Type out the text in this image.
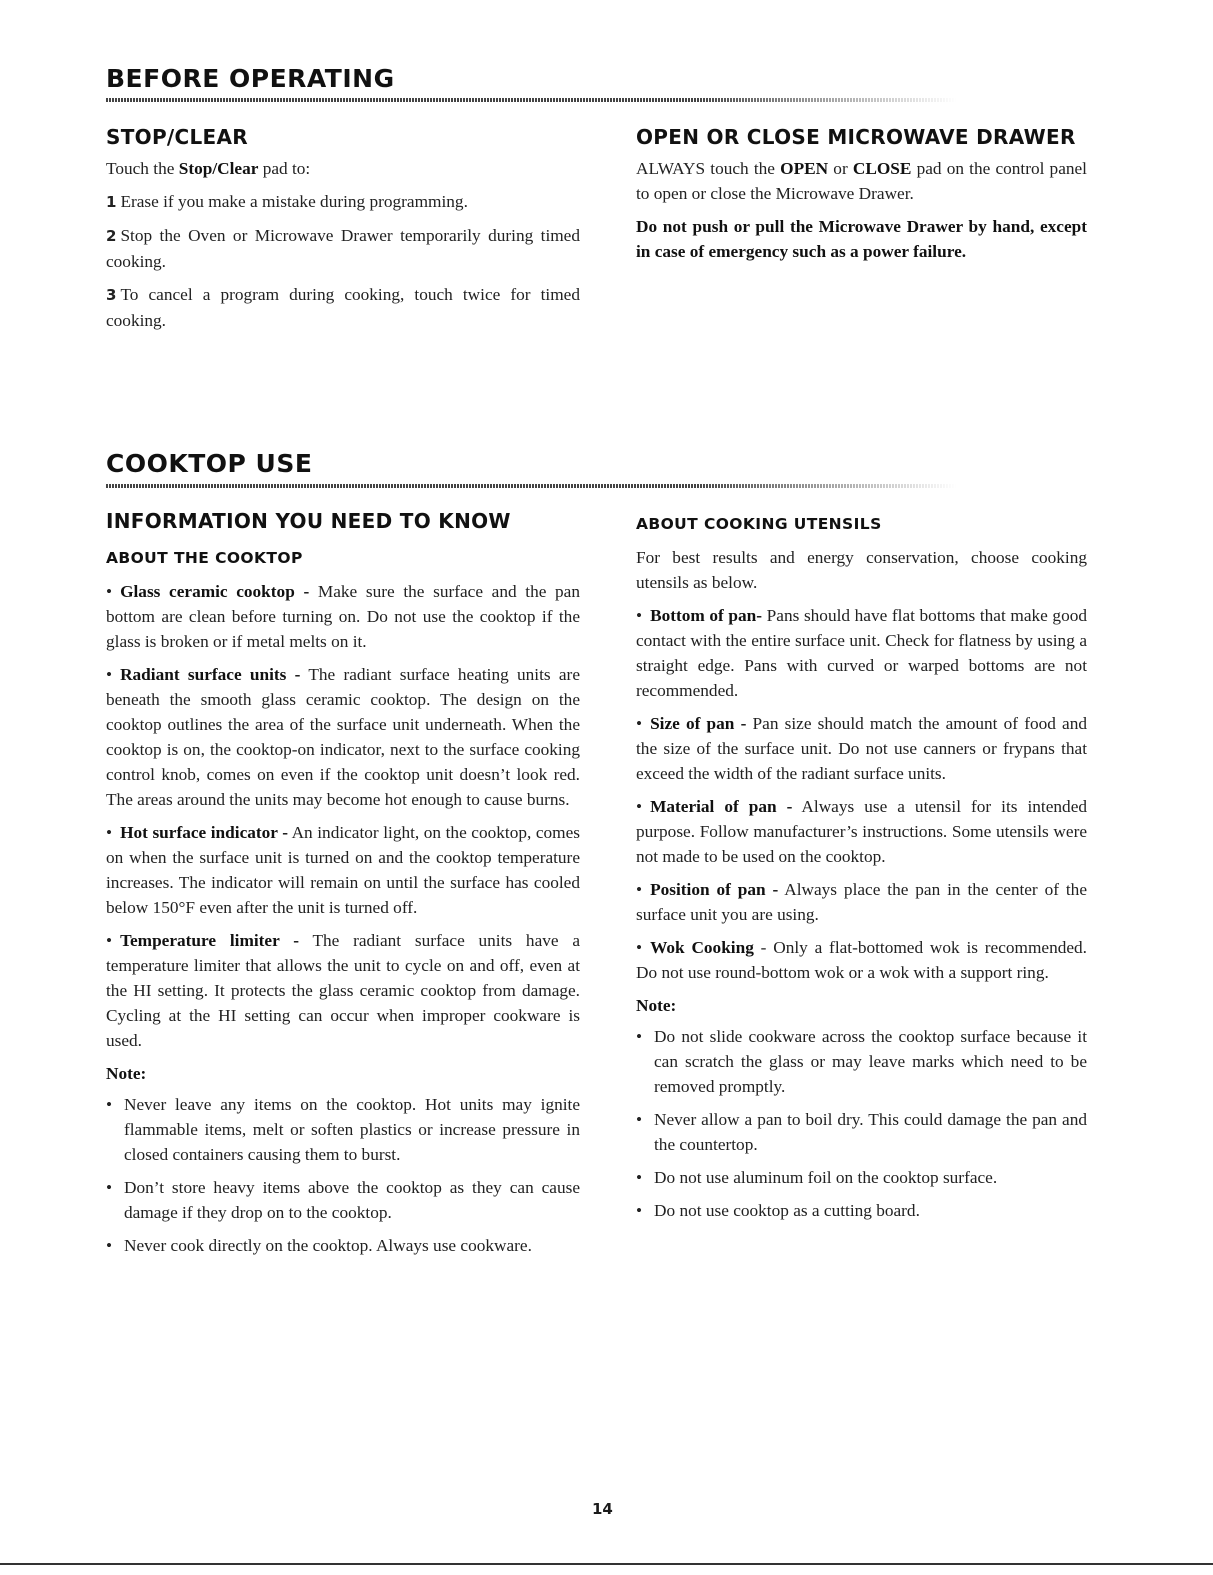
BEFORE OPERATING
STOP/CLEAR

Touch the Stop/Clear pad to:

1 Erase if you make a mistake during programming.

2 Stop the Oven or Microwave Drawer temporarily during timed cooking.

3 To cancel a program during cooking, touch twice for timed cooking.

OPEN OR CLOSE MICROWAVE DRAWER

ALWAYS touch the OPEN or CLOSE pad on the control panel to open or close the Microwave Drawer.

Do not push or pull the Microwave Drawer by hand, except in case of emergency such as a power failure.

COOKTOP USE
INFORMATION YOU NEED TO KNOW
ABOUT THE COOKTOP

• Glass ceramic cooktop - Make sure the surface and the pan bottom are clean before turning on. Do not use the cooktop if the glass is broken or if metal melts on it.

• Radiant surface units - The radiant surface heating units are beneath the smooth glass ceramic cooktop. The design on the cooktop outlines the area of the surface unit underneath. When the cooktop is on, the cooktop-on indicator, next to the surface cooking control knob, comes on even if the cooktop unit doesn’t look red. The areas around the units may become hot enough to cause burns.

• Hot surface indicator - An indicator light, on the cooktop, comes on when the surface unit is turned on and the cooktop temperature increases. The indicator will remain on until the surface has cooled below 150°F even after the unit is turned off.

• Temperature limiter - The radiant surface units have a temperature limiter that allows the unit to cycle on and off, even at the HI setting. It protects the glass ceramic cooktop from damage. Cycling at the HI setting can occur when improper cookware is used.

Note:
• Never leave any items on the cooktop. Hot units may ignite flammable items, melt or soften plastics or increase pressure in closed containers causing them to burst.
• Don’t store heavy items above the cooktop as they can cause damage if they drop on to the cooktop.
• Never cook directly on the cooktop. Always use cookware.
ABOUT COOKING UTENSILS

For best results and energy conservation, choose cooking utensils as below.

• Bottom of pan- Pans should have flat bottoms that make good contact with the entire surface unit. Check for flatness by using a straight edge. Pans with curved or warped bottoms are not recommended.

• Size of pan - Pan size should match the amount of food and the size of the surface unit. Do not use canners or frypans that exceed the width of the radiant surface units.

• Material of pan - Always use a utensil for its intended purpose. Follow manufacturer’s instructions. Some utensils were not made to be used on the cooktop.

• Position of pan - Always place the pan in the center of the surface unit you are using.

• Wok Cooking - Only a flat-bottomed wok is recommended. Do not use round-bottom wok or a wok with a support ring.

Note:
• Do not slide cookware across the cooktop surface because it can scratch the glass or may leave marks which need to be removed promptly.
• Never allow a pan to boil dry. This could damage the pan and the countertop.
• Do not use aluminum foil on the cooktop surface.
• Do not use cooktop as a cutting board.
14
